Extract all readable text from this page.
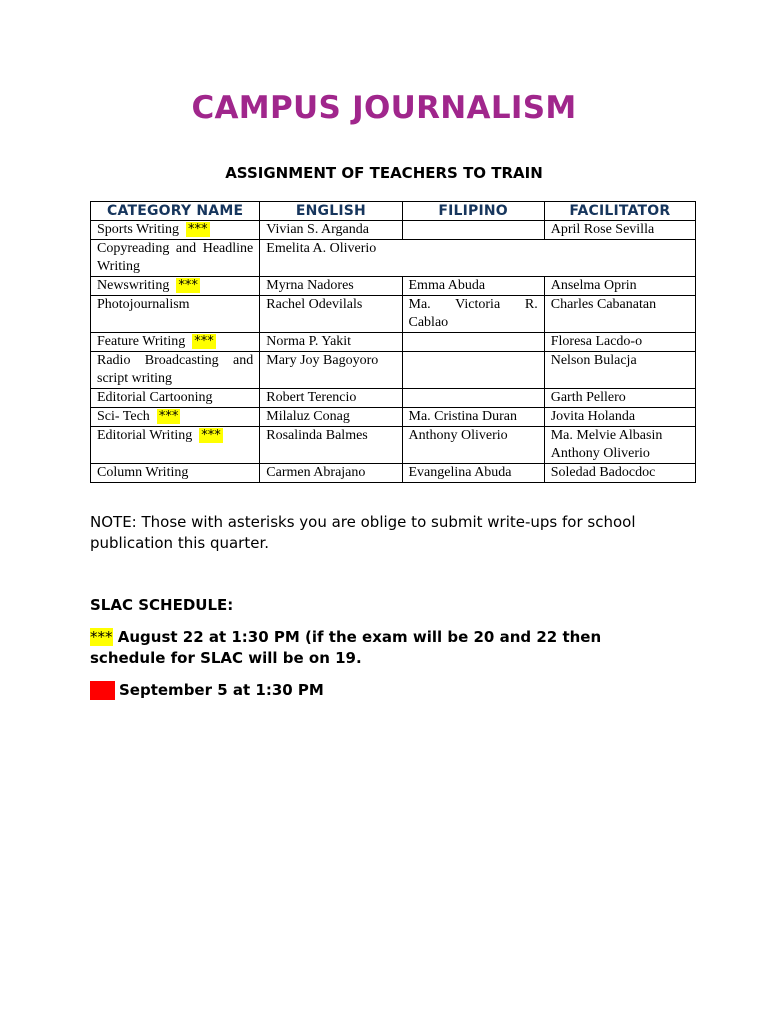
CAMPUS JOURNALISM
ASSIGNMENT OF TEACHERS TO TRAIN
CATEGORY NAME	ENGLISH	FILIPINO	FACILITATOR
Sports Writing ***	Vivian S. Arganda		April Rose Sevilla
Copyreading and Headline Writing	Emelita A. Oliverio		
Newswriting ***	Myrna Nadores	Emma Abuda	Anselma Oprin
Photojournalism	Rachel Odevilals	Ma. Victoria R. Cablao	Charles Cabanatan
Feature Writing ***	Norma P. Yakit		Floresa Lacdo-o
Radio Broadcasting and script writing	Mary Joy Bagoyoro		Nelson Bulacja
Editorial Cartooning	Robert Terencio		Garth Pellero
Sci- Tech ***	Milaluz Conag	Ma. Cristina Duran	Jovita Holanda
Editorial Writing ***	Rosalinda Balmes	Anthony Oliverio	Ma. Melvie Albasin
Anthony Oliverio

Column Writing	Carmen Abrajano	Evangelina Abuda	Soledad Badocdoc

NOTE: Those with asterisks you are oblige to submit write-ups for school publication this quarter.

SLAC SCHEDULE:

*** August 22 at 1:30 PM (if the exam will be 20 and 22 then schedule for SLAC will be on 19.

September 5 at 1:30 PM
